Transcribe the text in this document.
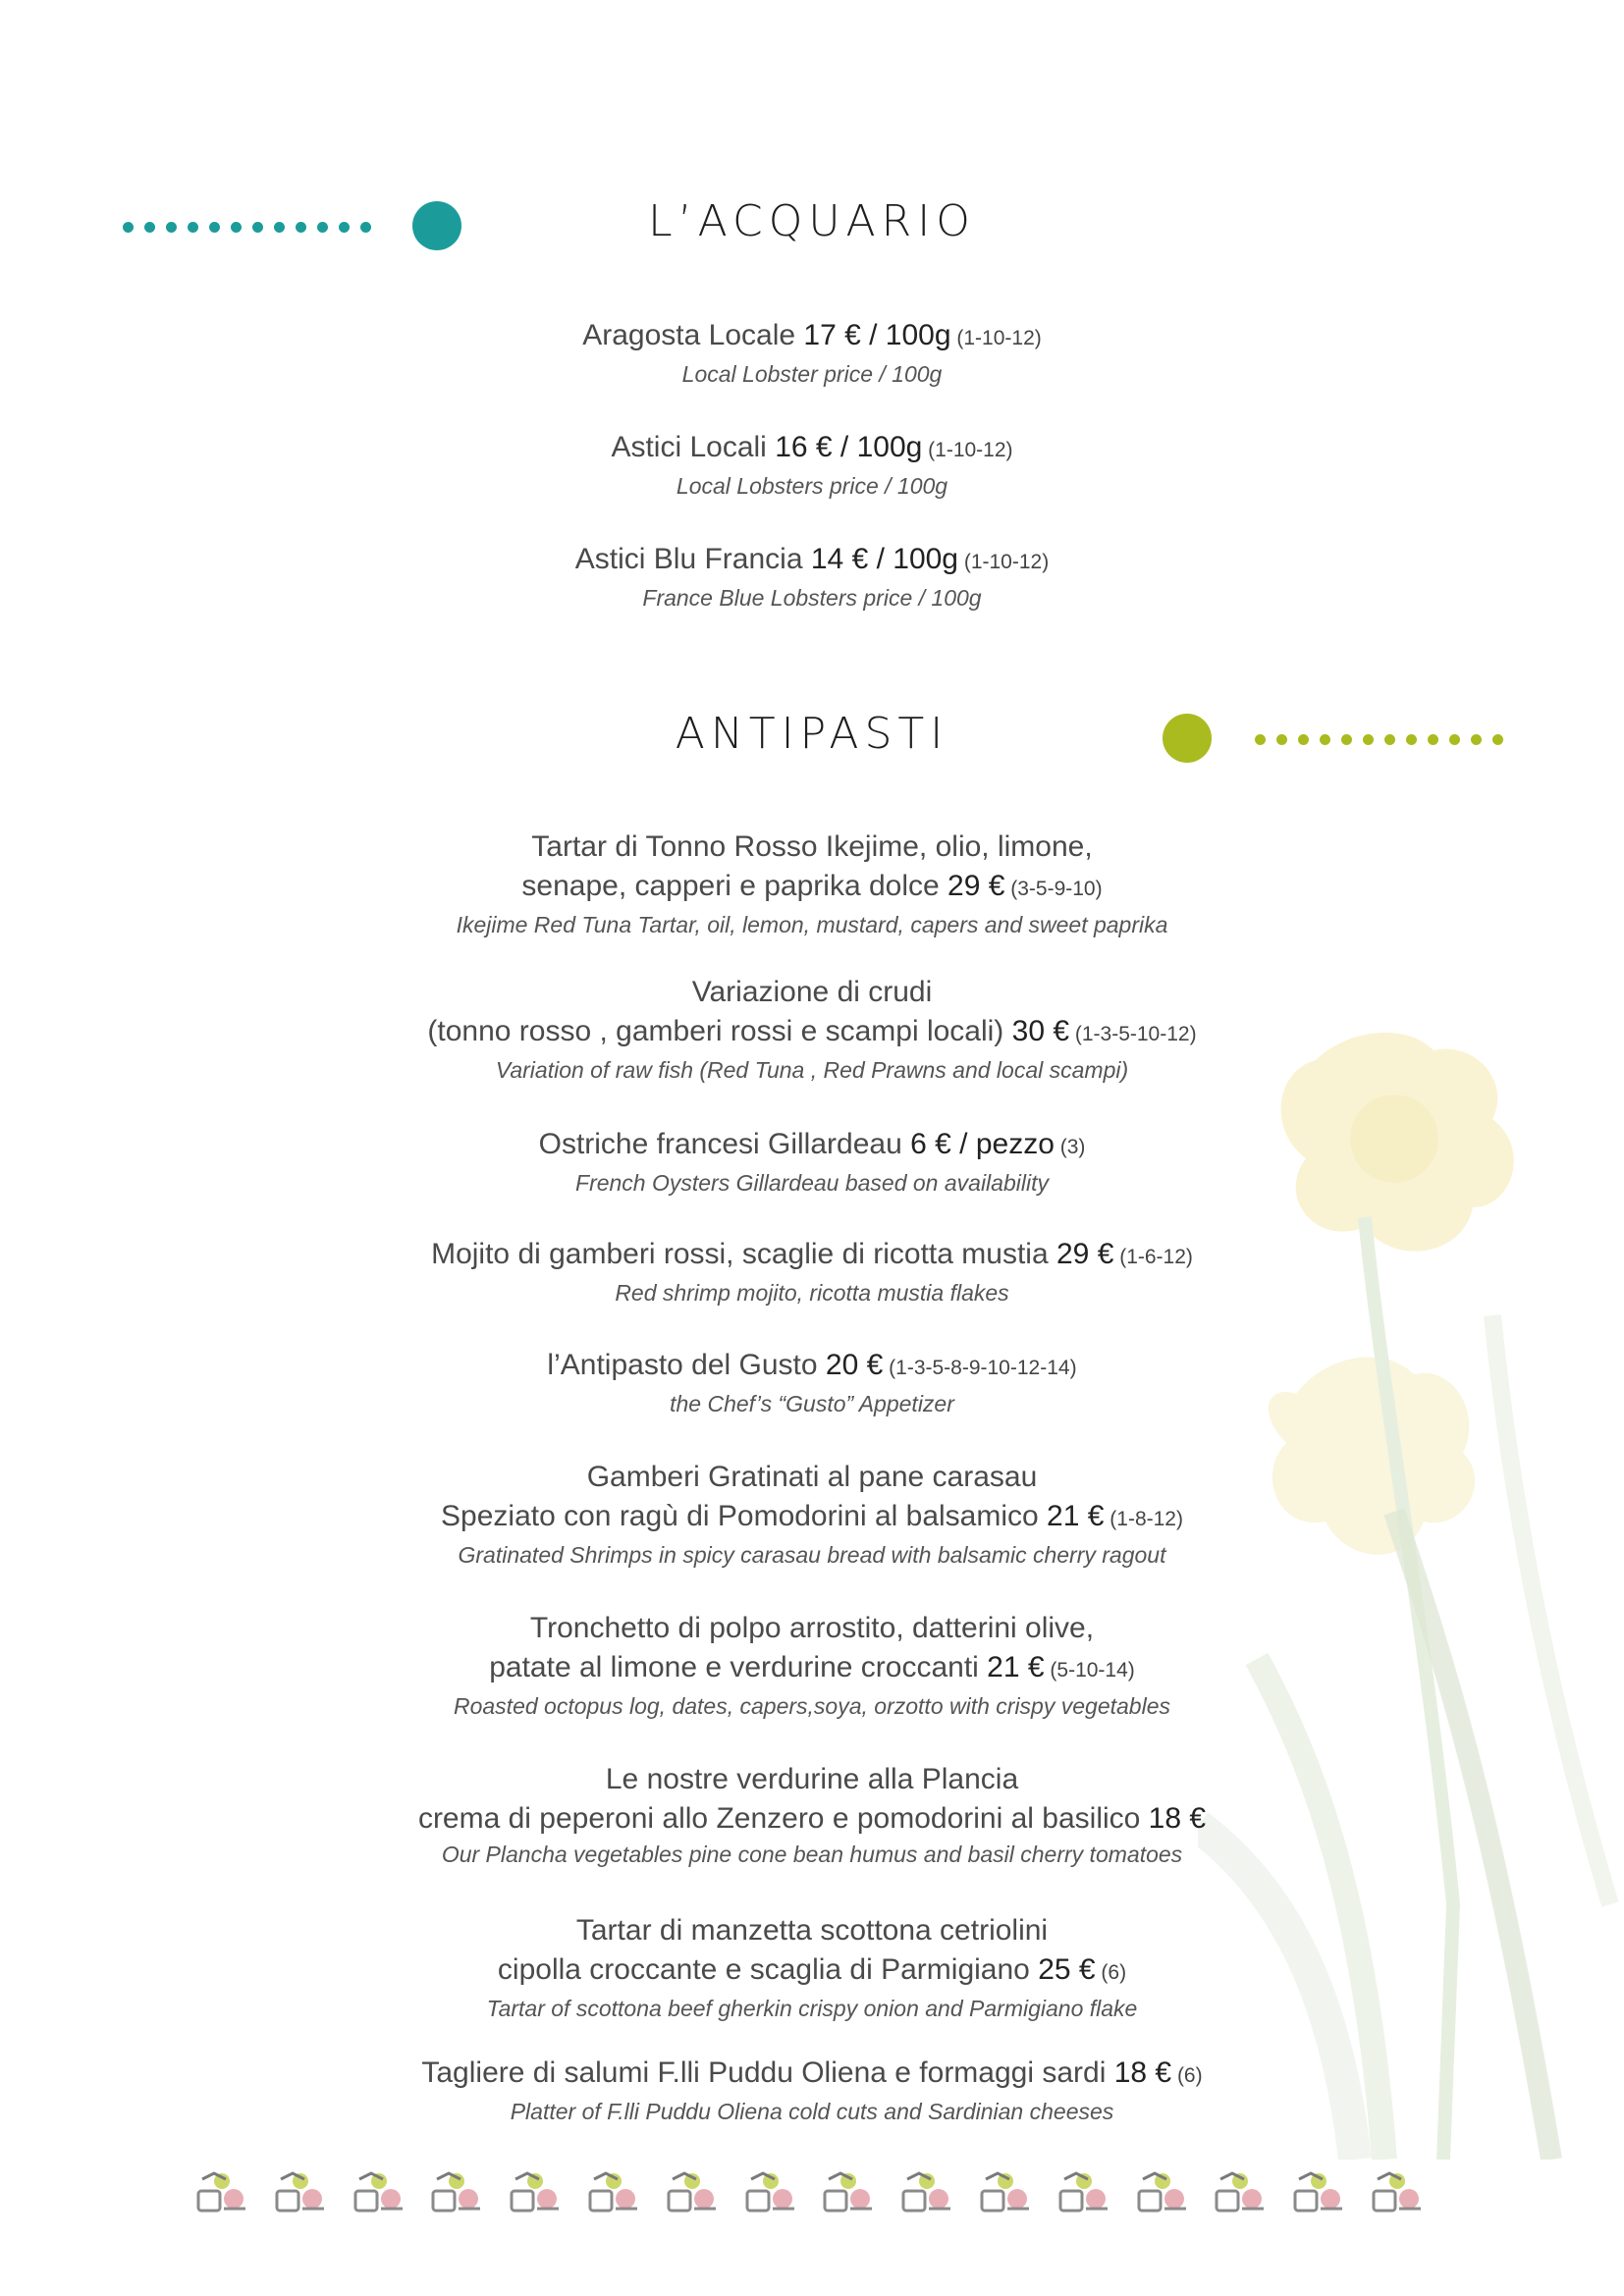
L’ACQUARIO
Aragosta Locale 17 € / 100g (1-10-12)
Local Lobster price / 100g
Astici Locali 16 € / 100g (1-10-12)
Local Lobsters price / 100g
Astici Blu Francia 14 € / 100g (1-10-12)
France Blue Lobsters price / 100g
ANTIPASTI
Tartar di Tonno Rosso Ikejime, olio, limone,
senape, capperi e paprika dolce 29 € (3-5-9-10)
Ikejime Red Tuna Tartar, oil, lemon, mustard, capers and sweet paprika
Variazione di crudi
(tonno rosso , gamberi rossi e scampi locali) 30 € (1-3-5-10-12)
Variation of raw fish (Red Tuna , Red Prawns and local scampi)
Ostriche francesi Gillardeau 6 € / pezzo (3)
French Oysters Gillardeau based on availability
Mojito di gamberi rossi, scaglie di ricotta mustia 29 € (1-6-12)
Red shrimp mojito, ricotta mustia flakes
l’Antipasto del Gusto 20 € (1-3-5-8-9-10-12-14)
the Chef’s “Gusto” Appetizer
Gamberi Gratinati al pane carasau
Speziato con ragù di Pomodorini al balsamico 21 € (1-8-12)
Gratinated Shrimps in spicy carasau bread with balsamic cherry ragout
Tronchetto di polpo arrostito, datterini olive,
patate al limone e verdurine croccanti 21 € (5-10-14)
Roasted octopus log, dates, capers,soya, orzotto with crispy vegetables
Le nostre verdurine alla Plancia
crema di peperoni allo Zenzero e pomodorini al basilico 18 €
Our Plancha vegetables pine cone bean humus and basil cherry tomatoes
Tartar di manzetta scottona cetriolini
cipolla croccante e scaglia di Parmigiano 25 € (6)
Tartar of scottona beef gherkin crispy onion and Parmigiano flake
Tagliere di salumi F.lli Puddu Oliena e formaggi sardi 18 € (6)
Platter of F.lli Puddu Oliena cold cuts and Sardinian cheeses
